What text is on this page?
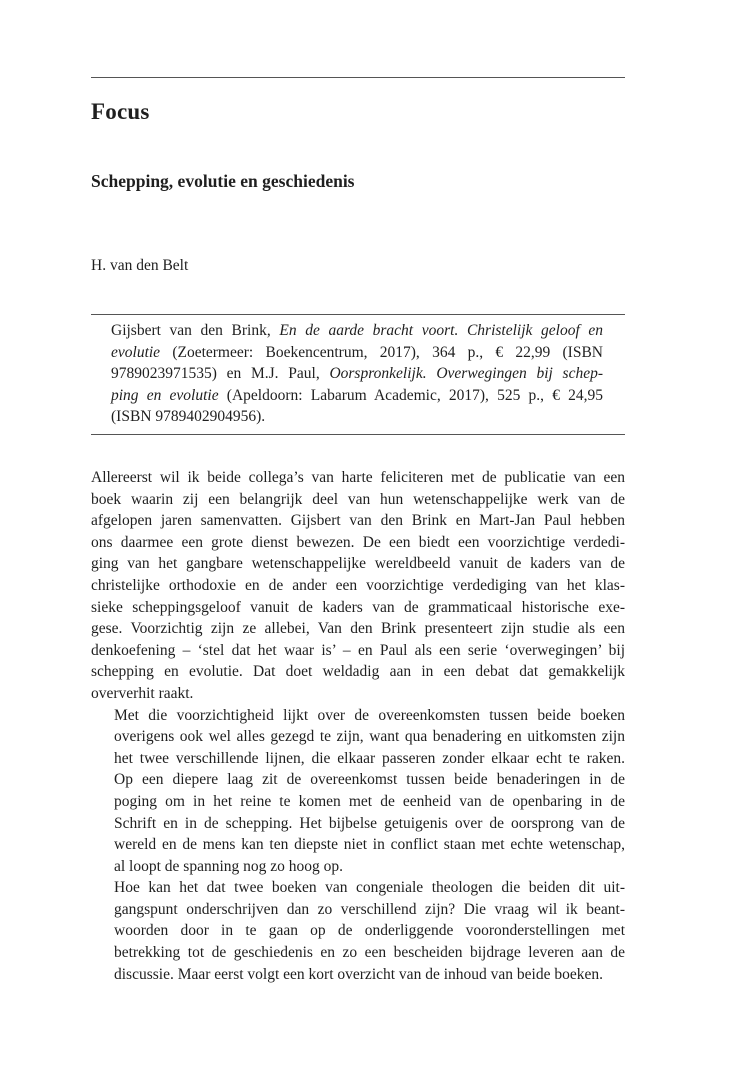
Focus
Schepping, evolutie en geschiedenis
H. van den Belt
Gijsbert van den Brink, En de aarde bracht voort. Christelijk geloof en
evolutie (Zoetermeer: Boekencentrum, 2017), 364 p., € 22,99 (ISBN
9789023971535) en M.J. Paul, Oorspronkelijk. Overwegingen bij schep-
ping en evolutie (Apeldoorn: Labarum Academic, 2017), 525 p., € 24,95
(ISBN 9789402904956).

Allereerst wil ik beide collega’s van harte feliciteren met de publicatie van een
boek waarin zij een belangrijk deel van hun wetenschappelijke werk van de
afgelopen jaren samenvatten. Gijsbert van den Brink en Mart-Jan Paul hebben
ons daarmee een grote dienst bewezen. De een biedt een voorzichtige verdedi-
ging van het gangbare wetenschappelijke wereldbeeld vanuit de kaders van de
christelijke orthodoxie en de ander een voorzichtige verdediging van het klas-
sieke scheppingsgeloof vanuit de kaders van de grammaticaal historische exe-
gese. Voorzichtig zijn ze allebei, Van den Brink presenteert zijn studie als een
denkoefening – ‘stel dat het waar is’ – en Paul als een serie ‘overwegingen’ bij
schepping en evolutie. Dat doet weldadig aan in een debat dat gemakkelijk
oververhit raakt.

Met die voorzichtigheid lijkt over de overeenkomsten tussen beide boeken
overigens ook wel alles gezegd te zijn, want qua benadering en uitkomsten zijn
het twee verschillende lijnen, die elkaar passeren zonder elkaar echt te raken.
Op een diepere laag zit de overeenkomst tussen beide benaderingen in de
poging om in het reine te komen met de eenheid van de openbaring in de
Schrift en in de schepping. Het bijbelse getuigenis over de oorsprong van de
wereld en de mens kan ten diepste niet in conflict staan met echte wetenschap,
al loopt de spanning nog zo hoog op.

Hoe kan het dat twee boeken van congeniale theologen die beiden dit uit-
gangspunt onderschrijven dan zo verschillend zijn? Die vraag wil ik beant-
woorden door in te gaan op de onderliggende vooronderstellingen met
betrekking tot de geschiedenis en zo een bescheiden bijdrage leveren aan de
discussie. Maar eerst volgt een kort overzicht van de inhoud van beide boeken.
